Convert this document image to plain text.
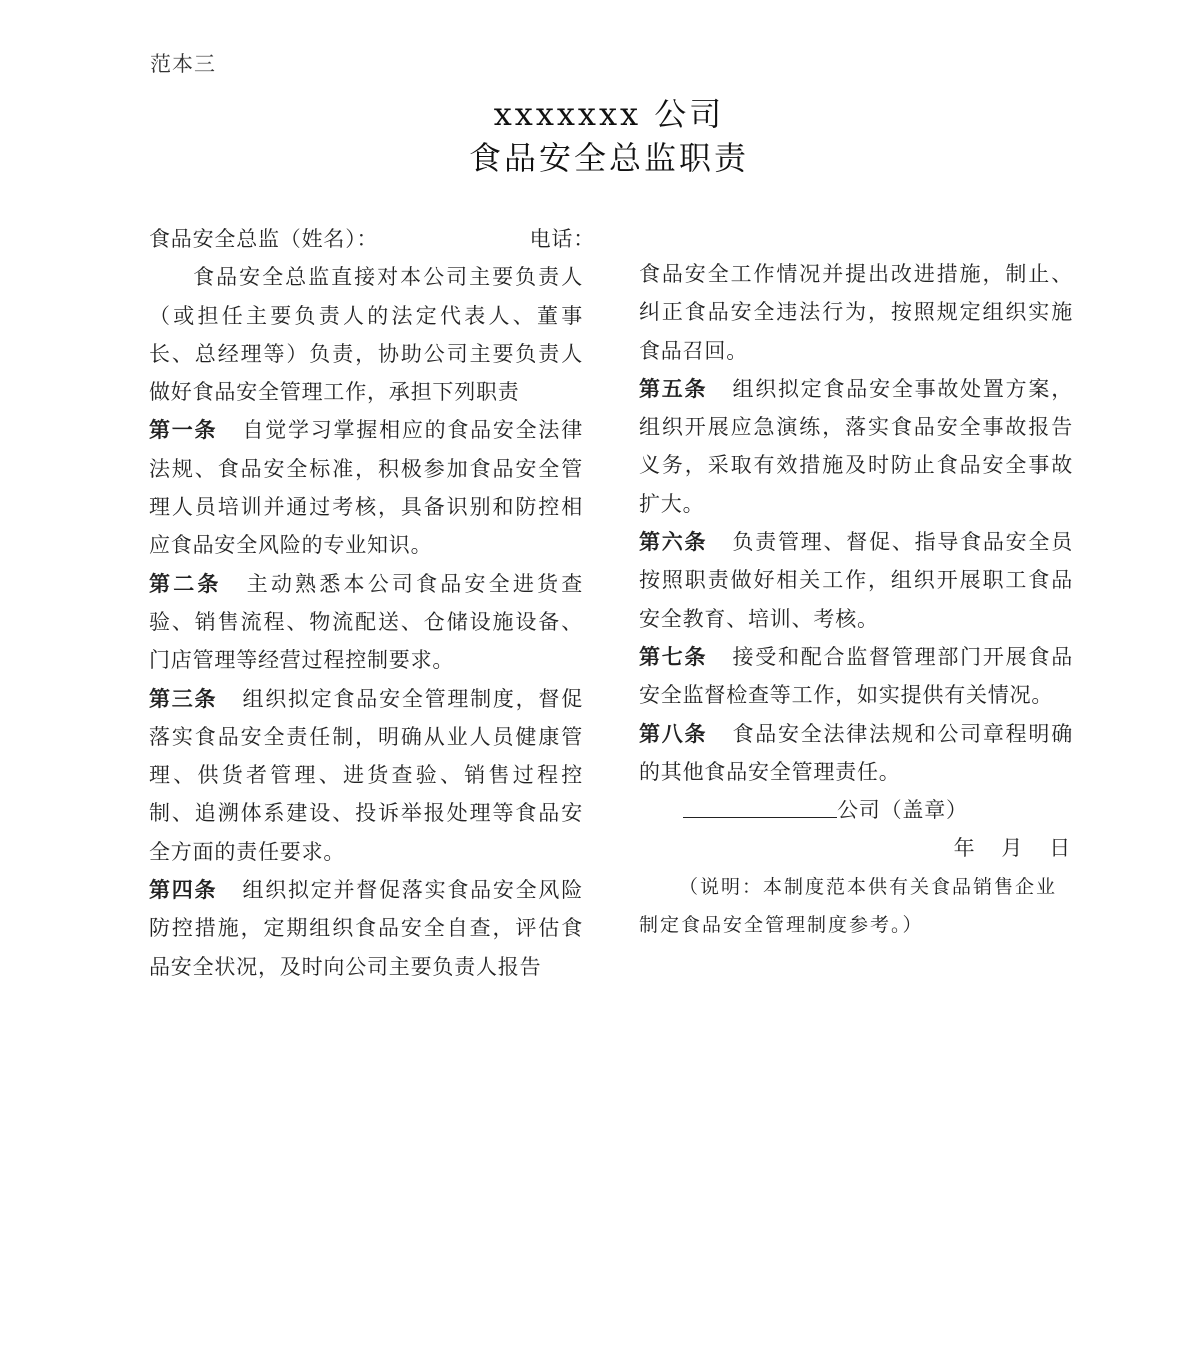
范本三
xxxxxxx 公司
食品安全总监职责

食品安全总监（姓名）：	电话：

食品安全总监直接对本公司主要负责人（或担任主要负责人的法定代表人、董事长、总经理等）负责，协助公司主要负责人做好食品安全管理工作，承担下列职责

第一条 自觉学习掌握相应的食品安全法律法规、食品安全标准，积极参加食品安全管理人员培训并通过考核，具备识别和防控相应食品安全风险的专业知识。

第二条 主动熟悉本公司食品安全进货查验、销售流程、物流配送、仓储设施设备、门店管理等经营过程控制要求。

第三条 组织拟定食品安全管理制度，督促落实食品安全责任制，明确从业人员健康管理、供货者管理、进货查验、销售过程控制、追溯体系建设、投诉举报处理等食品安全方面的责任要求。

第四条 组织拟定并督促落实食品安全风险防控措施，定期组织食品安全自查，评估食品安全状况，及时向公司主要负责人报告

食品安全工作情况并提出改进措施，制止、纠正食品安全违法行为，按照规定组织实施食品召回。

第五条 组织拟定食品安全事故处置方案，组织开展应急演练，落实食品安全事故报告义务，采取有效措施及时防止食品安全事故扩大。

第六条 负责管理、督促、指导食品安全员按照职责做好相关工作，组织开展职工食品安全教育、培训、考核。

第七条 接受和配合监督管理部门开展食品安全监督检查等工作，如实提供有关情况。

第八条 食品安全法律法规和公司章程明确的其他食品安全管理责任。

公司（盖章）

年 月 日

（说明：本制度范本供有关食品销售企业

制定食品安全管理制度参考。）
